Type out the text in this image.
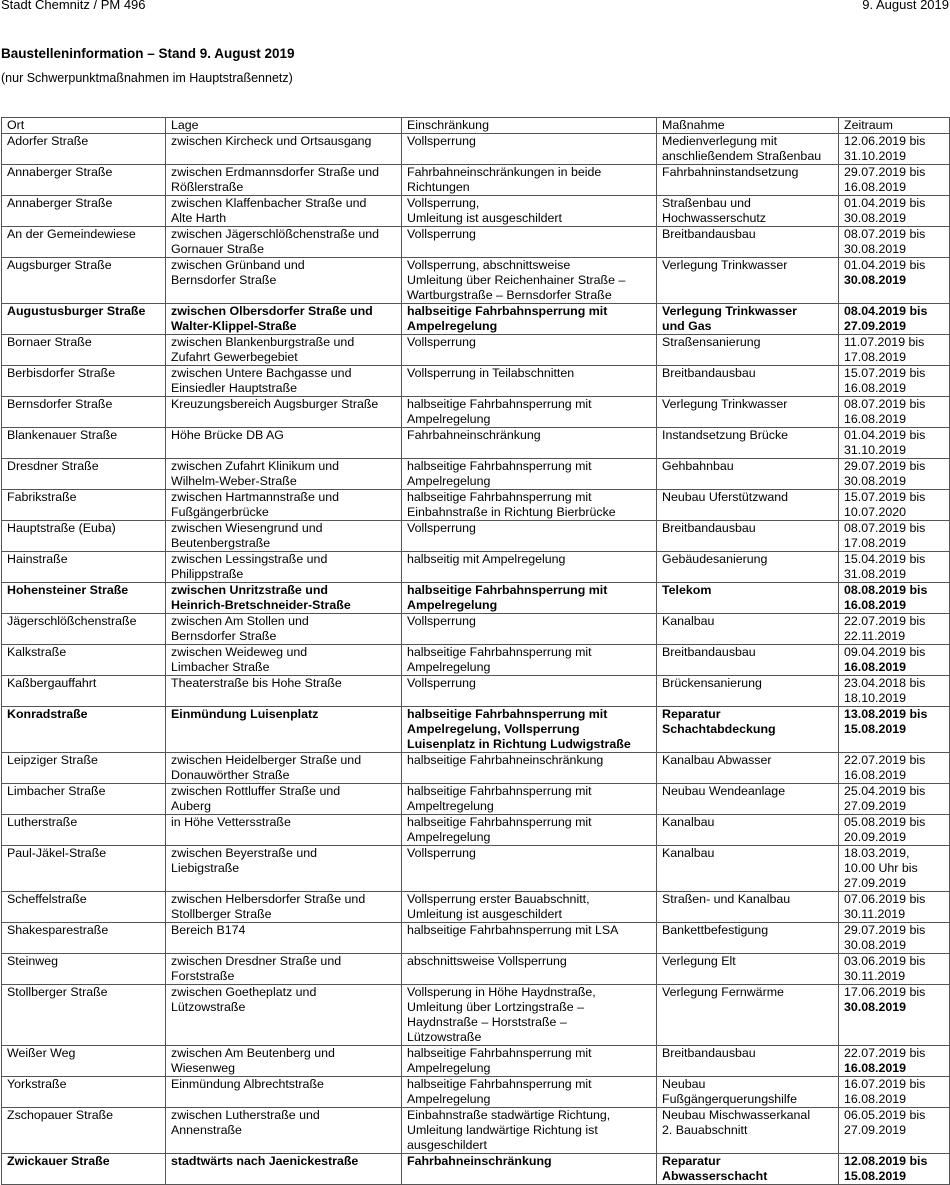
Stadt Chemnitz / PM 496	9. August 2019
Baustelleninformation – Stand 9. August 2019
(nur Schwerpunktmaßnahmen im Hauptstraßennetz)
Ort	Lage	Einschränkung	Maßnahme	Zeitraum
Adorfer Straße	zwischen Kircheck und Ortsausgang	Vollsperrung	Medienverlegung mit
anschließendem Straßenbau	12.06.2019 bis
31.10.2019
Annaberger Straße	zwischen Erdmannsdorfer Straße und
Rößlerstraße	Fahrbahneinschränkungen in beide
Richtungen	Fahrbahninstandsetzung	29.07.2019 bis
16.08.2019
Annaberger Straße	zwischen Klaffenbacher Straße und
Alte Harth	Vollsperrung,
Umleitung ist ausgeschildert	Straßenbau und
Hochwasserschutz	01.04.2019 bis
30.08.2019
An der Gemeindewiese	zwischen Jägerschlößchenstraße und
Gornauer Straße	Vollsperrung	Breitbandausbau	08.07.2019 bis
30.08.2019
Augsburger Straße	zwischen Grünband und
Bernsdorfer Straße	Vollsperrung, abschnittsweise
Umleitung über Reichenhainer Straße –
Wartburgstraße – Bernsdorfer Straße	Verlegung Trinkwasser	01.04.2019 bis
30.08.2019
Augustusburger Straße	zwischen Olbersdorfer Straße und
Walter-Klippel-Straße	halbseitige Fahrbahnsperrung mit
Ampelregelung	Verlegung Trinkwasser
und Gas	08.04.2019 bis
27.09.2019
Bornaer Straße	zwischen Blankenburgstraße und
Zufahrt Gewerbegebiet	Vollsperrung	Straßensanierung	11.07.2019 bis
17.08.2019
Berbisdorfer Straße	zwischen Untere Bachgasse und
Einsiedler Hauptstraße	Vollsperrung in Teilabschnitten	Breitbandausbau	15.07.2019 bis
16.08.2019
Bernsdorfer Straße	Kreuzungsbereich Augsburger Straße	halbseitige Fahrbahnsperrung mit
Ampelregelung	Verlegung Trinkwasser	08.07.2019 bis
16.08.2019
Blankenauer Straße	Höhe Brücke DB AG	Fahrbahneinschränkung	Instandsetzung Brücke	01.04.2019 bis
31.10.2019
Dresdner Straße	zwischen Zufahrt Klinikum und
Wilhelm-Weber-Straße	halbseitige Fahrbahnsperrung mit
Ampelregelung	Gehbahnbau	29.07.2019 bis
30.08.2019
Fabrikstraße	zwischen Hartmannstraße und
Fußgängerbrücke	halbseitige Fahrbahnsperrung mit
Einbahnstraße in Richtung Bierbrücke	Neubau Uferstützwand	15.07.2019 bis
10.07.2020
Hauptstraße (Euba)	zwischen Wiesengrund und
Beutenbergstraße	Vollsperrung	Breitbandausbau	08.07.2019 bis
17.08.2019
Hainstraße	zwischen Lessingstraße und
Philippstraße	halbseitig mit Ampelregelung	Gebäudesanierung	15.04.2019 bis
31.08.2019
Hohensteiner Straße	zwischen Unritzstraße und
Heinrich-Bretschneider-Straße	halbseitige Fahrbahnsperrung mit
Ampelregelung	Telekom	08.08.2019 bis
16.08.2019
Jägerschlößchenstraße	zwischen Am Stollen und
Bernsdorfer Straße	Vollsperrung	Kanalbau	22.07.2019 bis
22.11.2019
Kalkstraße	zwischen Weideweg und
Limbacher Straße	halbseitige Fahrbahnsperrung mit
Ampelregelung	Breitbandausbau	09.04.2019 bis
16.08.2019
Kaßbergauffahrt	Theaterstraße bis Hohe Straße	Vollsperrung	Brückensanierung	23.04.2018 bis
18.10.2019
Konradstraße	Einmündung Luisenplatz	halbseitige Fahrbahnsperrung mit
Ampelregelung, Vollsperrung
Luisenplatz in Richtung Ludwigstraße	Reparatur
Schachtabdeckung	13.08.2019 bis
15.08.2019
Leipziger Straße	zwischen Heidelberger Straße und
Donauwörther Straße	halbseitige Fahrbahneinschränkung	Kanalbau Abwasser	22.07.2019 bis
16.08.2019
Limbacher Straße	zwischen Rottluffer Straße und
Auberg	halbseitige Fahrbahnsperrung mit
Ampeltregelung	Neubau Wendeanlage	25.04.2019 bis
27.09.2019
Lutherstraße	in Höhe Vettersstraße	halbseitige Fahrbahnsperrung mit
Ampelregelung	Kanalbau	05.08.2019 bis
20.09.2019
Paul-Jäkel-Straße	zwischen Beyerstraße und
Liebigstraße	Vollsperrung	Kanalbau	18.03.2019,
10.00 Uhr bis
27.09.2019
Scheffelstraße	zwischen Helbersdorfer Straße und
Stollberger Straße	Vollsperrung erster Bauabschnitt,
Umleitung ist ausgeschildert	Straßen- und Kanalbau	07.06.2019 bis
30.11.2019
Shakesparestraße	Bereich B174	halbseitige Fahrbahnsperrung mit LSA	Bankettbefestigung	29.07.2019 bis
30.08.2019
Steinweg	zwischen Dresdner Straße und
Forststraße	abschnittsweise Vollsperrung	Verlegung Elt	03.06.2019 bis
30.11.2019
Stollberger Straße	zwischen Goetheplatz und
Lützowstraße	Vollsperung in Höhe Haydnstraße,
Umleitung über Lortzingstraße –
Haydnstraße – Horststraße –
Lützowstraße	Verlegung Fernwärme	17.06.2019 bis
30.08.2019
Weißer Weg	zwischen Am Beutenberg und
Wiesenweg	halbseitige Fahrbahnsperrung mit
Ampelregelung	Breitbandausbau	22.07.2019 bis
16.08.2019
Yorkstraße	Einmündung Albrechtstraße	halbseitige Fahrbahnsperrung mit
Ampelregelung	Neubau
Fußgängerquerungshilfe	16.07.2019 bis
16.08.2019
Zschopauer Straße	zwischen Lutherstraße und
Annenstraße	Einbahnstraße stadwärtige Richtung,
Umleitung landwärtige Richtung ist
ausgeschildert	Neubau Mischwasserkanal
2. Bauabschnitt	06.05.2019 bis
27.09.2019
Zwickauer Straße	stadtwärts nach Jaenickestraße	Fahrbahneinschränkung	Reparatur
Abwasserschacht	12.08.2019 bis
15.08.2019
